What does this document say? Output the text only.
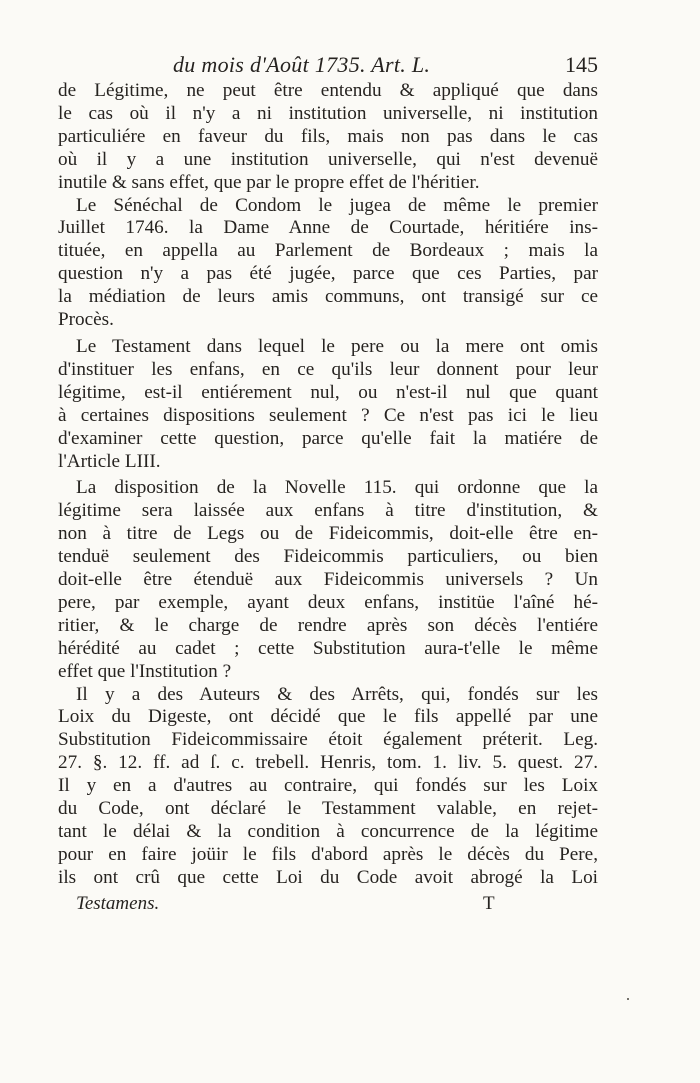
du mois d'Août 1735. Art. L.	145

de Légitime, ne peut être entendu & appliqué que dans

le cas où il n'y a ni institution universelle, ni institution

particuliére en faveur du fils, mais non pas dans le cas

où il y a une institution universelle, qui n'est devenuë

inutile & sans effet, que par le propre effet de l'héritier.

Le Sénéchal de Condom le jugea de même le premier

Juillet 1746. la Dame Anne de Courtade, héritiére ins-

tituée, en appella au Parlement de Bordeaux ; mais la

question n'y a pas été jugée, parce que ces Parties, par

la médiation de leurs amis communs, ont transigé sur ce

Procès.

Le Testament dans lequel le pere ou la mere ont omis

d'instituer les enfans, en ce qu'ils leur donnent pour leur

légitime, est-il entiérement nul, ou n'est-il nul que quant

à certaines dispositions seulement ? Ce n'est pas ici le lieu

d'examiner cette question, parce qu'elle fait la matiére de

l'Article LIII.

La disposition de la Novelle 115. qui ordonne que la

légitime sera laissée aux enfans à titre d'institution, &

non à titre de Legs ou de Fideicommis, doit-elle être en-

tenduë seulement des Fideicommis particuliers, ou bien

doit-elle être étenduë aux Fideicommis universels ? Un

pere, par exemple, ayant deux enfans, institüe l'aîné hé-

ritier, & le charge de rendre après son décès l'entiére

hérédité au cadet ; cette Substitution aura-t'elle le même

effet que l'Institution ?

Il y a des Auteurs & des Arrêts, qui, fondés sur les

Loix du Digeste, ont décidé que le fils appellé par une

Substitution Fideicommissaire étoit également préterit. Leg.

27. §. 12. ff. ad ſ. c. trebell. Henris, tom. 1. liv. 5. quest. 27.

Il y en a d'autres au contraire, qui fondés sur les Loix

du Code, ont déclaré le Testamment valable, en rejet-

tant le délai & la condition à concurrence de la légitime

pour en faire joüir le fils d'abord après le décès du Pere,

ils ont crû que cette Loi du Code avoit abrogé la Loi

Testamens.	T
